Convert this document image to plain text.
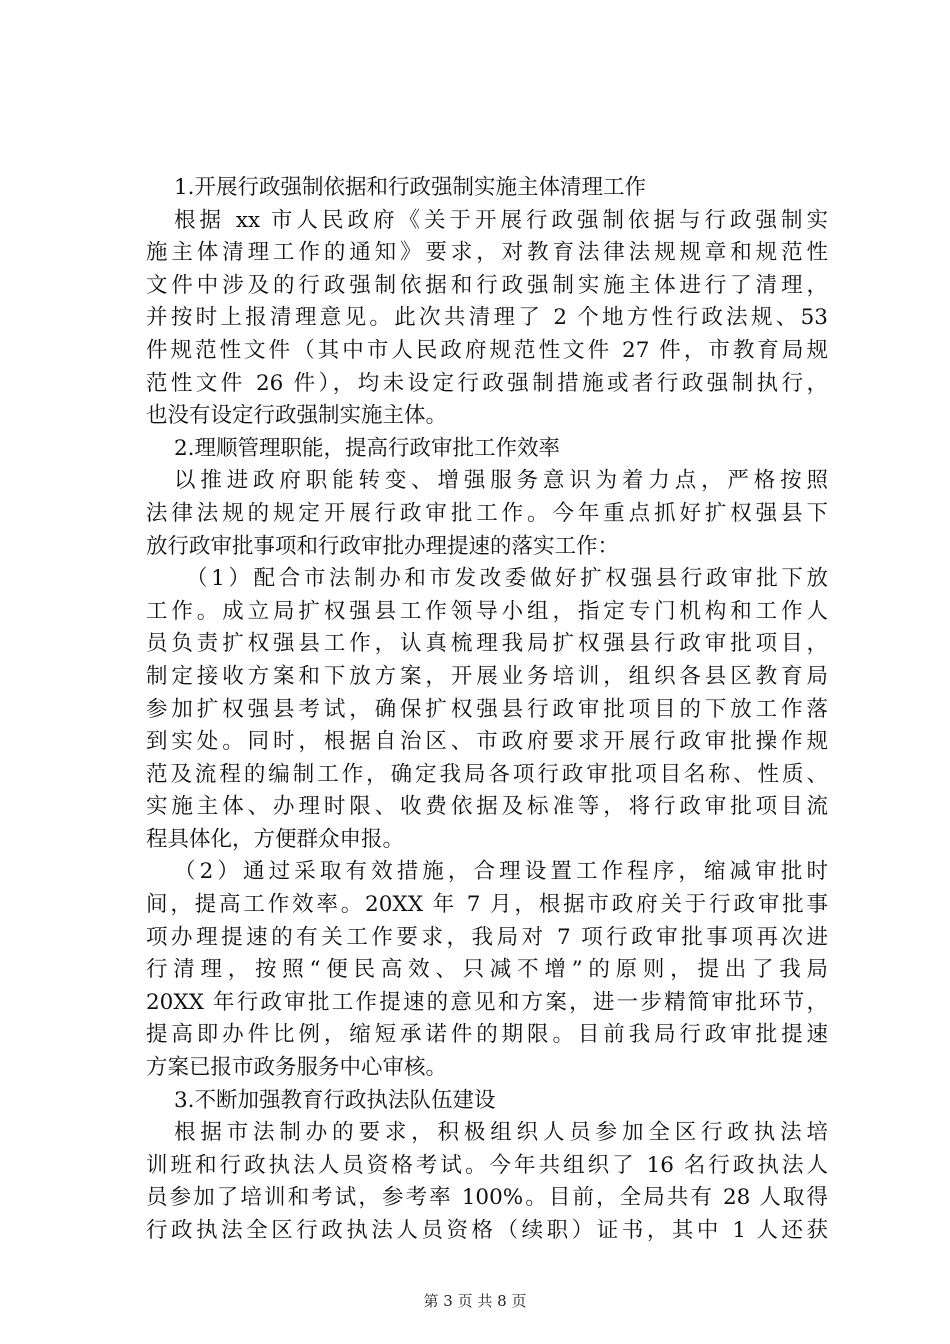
1.开展行政强制依据和行政强制实施主体清理工作
根据 xx 市人民政府《关于开展行政强制依据与行政强制实
施主体清理工作的通知》要求，对教育法律法规规章和规范性
文件中涉及的行政强制依据和行政强制实施主体进行了清理，
并按时上报清理意见。此次共清理了 2 个地方性行政法规、53
件规范性文件（其中市人民政府规范性文件 27 件，市教育局规
范性文件 26 件），均未设定行政强制措施或者行政强制执行，
也没有设定行政强制实施主体。
2.理顺管理职能，提高行政审批工作效率
以推进政府职能转变、增强服务意识为着力点，严格按照
法律法规的规定开展行政审批工作。今年重点抓好扩权强县下
放行政审批事项和行政审批办理提速的落实工作：
（1）配合市法制办和市发改委做好扩权强县行政审批下放
工作。成立局扩权强县工作领导小组，指定专门机构和工作人
员负责扩权强县工作，认真梳理我局扩权强县行政审批项目，
制定接收方案和下放方案，开展业务培训，组织各县区教育局
参加扩权强县考试，确保扩权强县行政审批项目的下放工作落
到实处。同时，根据自治区、市政府要求开展行政审批操作规
范及流程的编制工作，确定我局各项行政审批项目名称、性质、
实施主体、办理时限、收费依据及标准等，将行政审批项目流
程具体化，方便群众申报。
（2）通过采取有效措施，合理设置工作程序，缩减审批时
间，提高工作效率。20XX 年 7 月，根据市政府关于行政审批事
项办理提速的有关工作要求，我局对 7 项行政审批事项再次进
行清理，按照“便民高效、只减不增”的原则，提出了我局
20XX 年行政审批工作提速的意见和方案，进一步精简审批环节，
提高即办件比例，缩短承诺件的期限。目前我局行政审批提速
方案已报市政务服务中心审核。
3.不断加强教育行政执法队伍建设
根据市法制办的要求，积极组织人员参加全区行政执法培
训班和行政执法人员资格考试。今年共组织了 16 名行政执法人
员参加了培训和考试，参考率 100%。目前，全局共有 28 人取得
行政执法全区行政执法人员资格（续职）证书，其中 1 人还获
第 3 页 共 8 页
